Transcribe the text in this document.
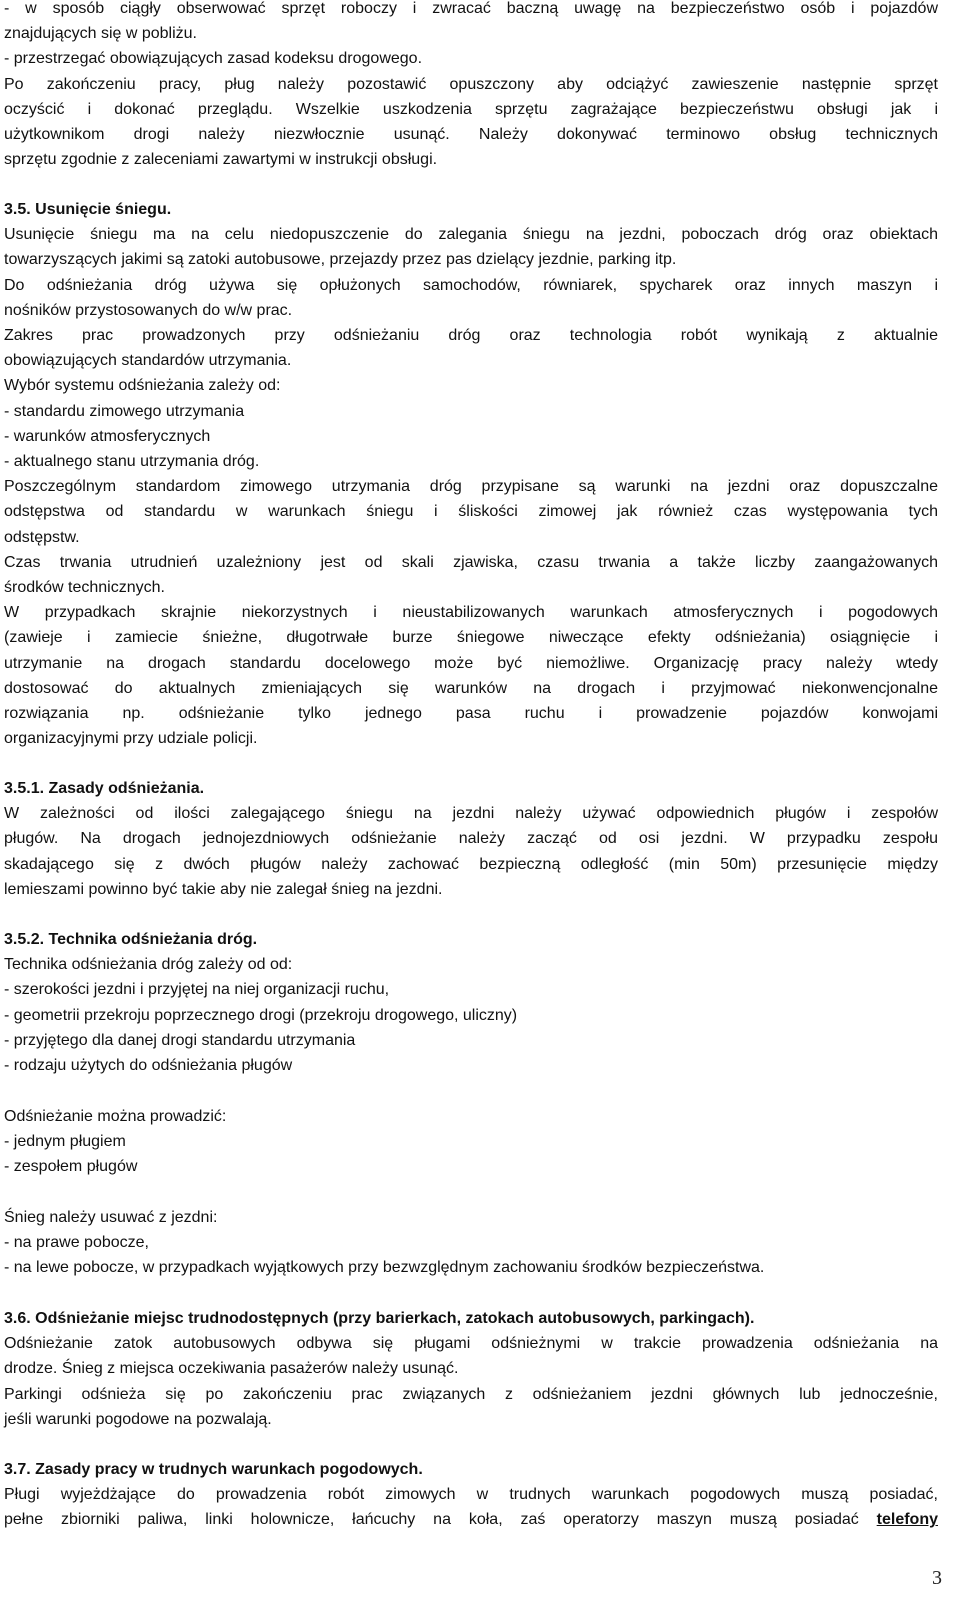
- w sposób ciągły obserwować sprzęt roboczy i zwracać baczną uwagę na bezpieczeństwo osób i pojazdów
znajdujących się w pobliżu.
- przestrzegać obowiązujących zasad kodeksu drogowego.
Po zakończeniu pracy, pług należy pozostawić opuszczony aby odciążyć zawieszenie następnie sprzęt
oczyścić i dokonać przeglądu. Wszelkie uszkodzenia sprzętu zagrażające bezpieczeństwu obsługi jak i
użytkownikom drogi należy niezwłocznie usunąć. Należy dokonywać terminowo obsług technicznych
sprzętu zgodnie z zaleceniami zawartymi w instrukcji obsługi.
3.5. Usunięcie śniegu.
Usunięcie śniegu ma na celu niedopuszczenie do zalegania śniegu na jezdni, poboczach dróg oraz obiektach
towarzyszących jakimi są zatoki autobusowe, przejazdy przez pas dzielący jezdnie, parking itp.
Do odśnieżania dróg używa się opłużonych samochodów, równiarek, spycharek oraz innych maszyn i
nośników przystosowanych do w/w prac.
Zakres prac prowadzonych przy odśnieżaniu dróg oraz technologia robót wynikają z aktualnie
obowiązujących standardów utrzymania.
Wybór systemu odśnieżania zależy od:
- standardu zimowego utrzymania
- warunków atmosferycznych
- aktualnego stanu utrzymania dróg.
Poszczególnym standardom zimowego utrzymania dróg przypisane są warunki na jezdni oraz dopuszczalne
odstępstwa od standardu w warunkach śniegu i śliskości zimowej jak również czas występowania tych
odstępstw.
Czas trwania utrudnień uzależniony jest od skali zjawiska, czasu trwania a także liczby zaangażowanych
środków technicznych.
W przypadkach skrajnie niekorzystnych i nieustabilizowanych warunkach atmosferycznych i pogodowych
(zawieje i zamiecie śnieżne, długotrwałe burze śniegowe niweczące efekty odśnieżania) osiągnięcie i
utrzymanie na drogach standardu docelowego może być niemożliwe. Organizację pracy należy wtedy
dostosować do aktualnych zmieniających się warunków na drogach i przyjmować niekonwencjonalne
rozwiązania np. odśnieżanie tylko jednego pasa ruchu i prowadzenie pojazdów konwojami
organizacyjnymi przy udziale policji.
3.5.1. Zasady odśnieżania.
W zależności od ilości zalegającego śniegu na jezdni należy używać odpowiednich pługów i zespołów
pługów. Na drogach jednojezdniowych odśnieżanie należy zacząć od osi jezdni. W przypadku zespołu
skadającego się z dwóch pługów należy zachować bezpieczną odległość (min 50m) przesunięcie między
lemieszami powinno być takie aby nie zalegał śnieg na jezdni.
3.5.2. Technika odśnieżania dróg.
Technika odśnieżania dróg zależy od od:
- szerokości jezdni i przyjętej na niej organizacji ruchu,
- geometrii przekroju poprzecznego drogi (przekroju drogowego, uliczny)
- przyjętego dla danej drogi standardu utrzymania
- rodzaju użytych do odśnieżania pługów
Odśnieżanie można prowadzić:
- jednym pługiem
- zespołem pługów
Śnieg należy usuwać z jezdni:
- na prawe pobocze,
- na lewe pobocze, w przypadkach wyjątkowych przy bezwzględnym zachowaniu środków bezpieczeństwa.
3.6. Odśnieżanie miejsc trudnodostępnych (przy barierkach, zatokach autobusowych, parkingach).
Odśnieżanie zatok autobusowych odbywa się pługami odśnieżnymi w trakcie prowadzenia odśnieżania na
drodze. Śnieg z miejsca oczekiwania pasażerów należy usunąć.
Parkingi odśnieża się po zakończeniu prac związanych z odśnieżaniem jezdni głównych lub jednocześnie,
jeśli warunki pogodowe na pozwalają.
3.7. Zasady pracy w trudnych warunkach pogodowych.
Pługi wyjeżdżające do prowadzenia robót zimowych w trudnych warunkach pogodowych muszą posiadać,
pełne zbiorniki paliwa, linki holownicze, łańcuchy na koła, zaś operatorzy maszyn muszą posiadać telefony
3
